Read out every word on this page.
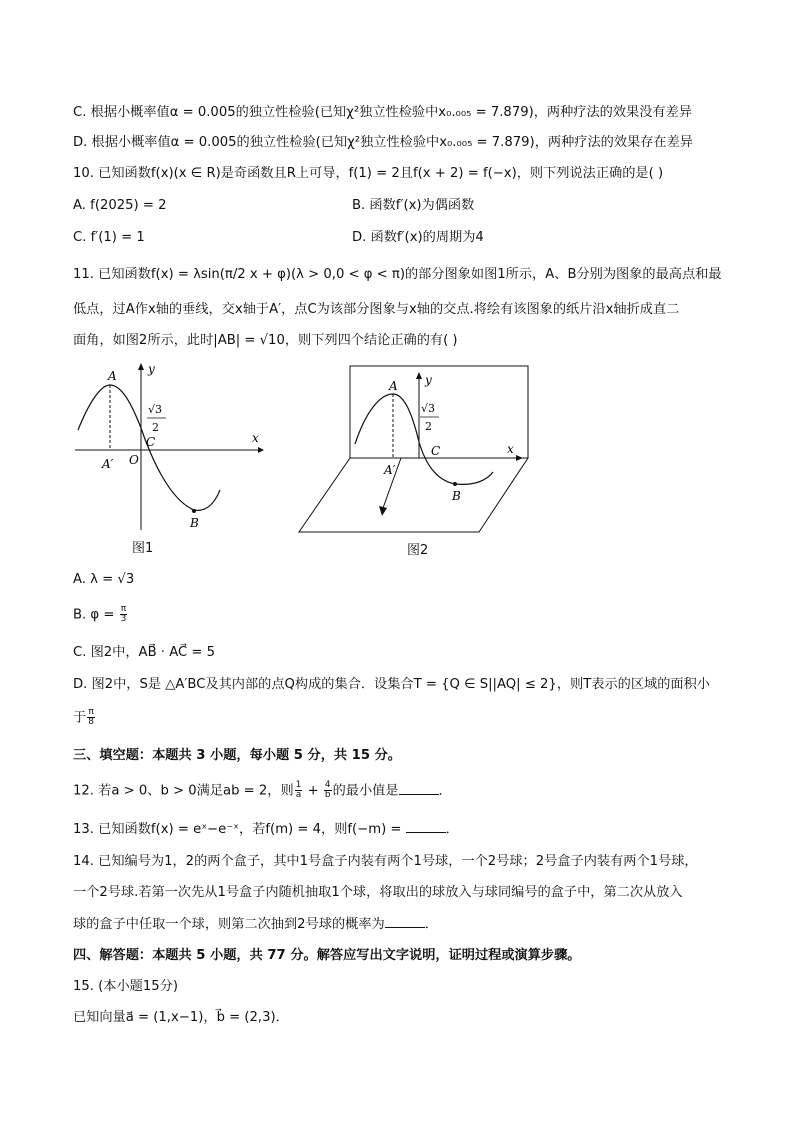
C. 根据小概率值α = 0.005的独立性检验(已知χ²独立性检验中x₀.₀₀₅ = 7.879)，两种疗法的效果没有差异
D. 根据小概率值α = 0.005的独立性检验(已知χ²独立性检验中x₀.₀₀₅ = 7.879)，两种疗法的效果存在差异
10. 已知函数f(x)(x ∈ R)是奇函数且R上可导，f(1) = 2且f(x + 2) = f(−x)，则下列说法正确的是( )
A. f(2025) = 2	B. 函数f′(x)为偶函数
C. f′(1) = 1	D. 函数f′(x)的周期为4
11. 已知函数f(x) = λsin(π/2 x + φ)(λ > 0,0 < φ < π)的部分图象如图1所示，A、B分别为图象的最高点和最
低点，过A作x轴的垂线，交x轴于A′，点C为该部分图象与x轴的交点.将绘有该图象的纸片沿x轴折成直二
面角，如图2所示，此时|AB| = √10，则下列四个结论正确的有( )
A	y
x
√3
2
C
A′ O
B
图1
A y
x
√3
2
C
A′
B
图2
A. λ = √3
B. $\varphi = \frac{\pi}{3}$
C. 图2中，AB⃗ · AC⃗ = 5
D. 图2中，S是 △A′BC及其内部的点Q构成的集合．设集合T = {Q ∈ S||AQ| ≤ 2}，则T表示的区域的面积小
于 $\frac{\pi}{8}$
三、填空题：本题共 3 小题，每小题 5 分，共 15 分。
12. 若a > 0、b > 0满足ab = 2，则 $\frac{1}{a} + \frac{4}{b}$ 的最小值是	．
13. 已知函数f(x) = eˣ−e⁻ˣ，若f(m) = 4，则f(−m) =	．
14. 已知编号为1，2的两个盒子，其中1号盒子内装有两个1号球，一个2号球；2号盒子内装有两个1号球，
一个2号球.若第一次先从1号盒子内随机抽取1个球，将取出的球放入与球同编号的盒子中，第二次从放入
球的盒子中任取一个球，则第二次抽到2号球的概率为	．
四、解答题：本题共 5 小题，共 77 分。解答应写出文字说明，证明过程或演算步骤。
15. (本小题15分)
已知向量a⃗ = (1,x−1)，b⃗ = (2,3)．
